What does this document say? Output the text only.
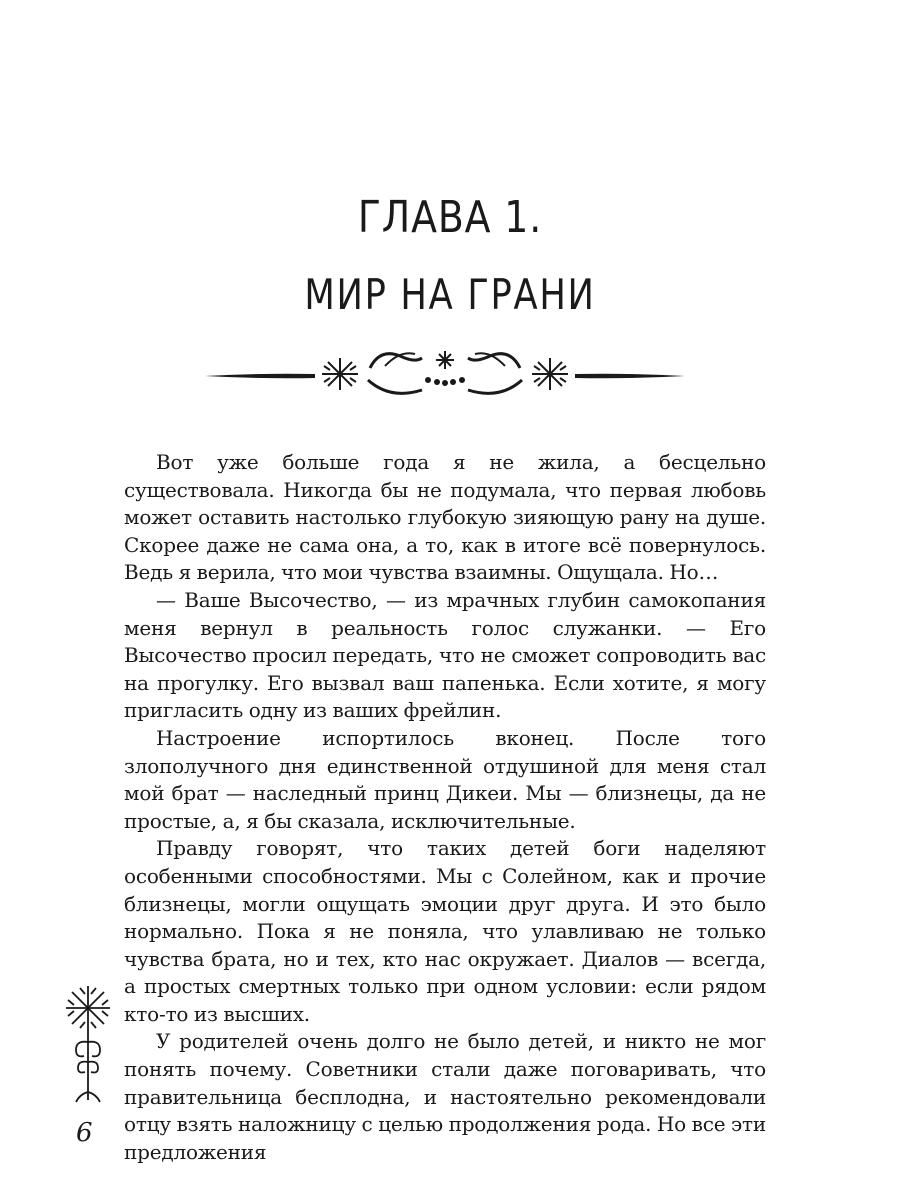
ГЛАВА 1.
МИР НА ГРАНИ

Вот уже больше года я не жила, а бесцельно существовала. Никогда бы не подумала, что первая любовь может оставить настолько глубокую зияющую рану на душе. Скорее даже не сама она, а то, как в итоге всё повернулось. Ведь я верила, что мои чувства взаимны. Ощущала. Но…

— Ваше Высочество, — из мрачных глубин самокопания меня вернул в реальность голос служанки. — Его Высочество просил передать, что не сможет сопроводить вас на прогулку. Его вызвал ваш папенька. Если хотите, я могу пригласить одну из ваших фрейлин.

Настроение испортилось вконец. После того злополучного дня единственной отдушиной для меня стал мой брат — наследный принц Дикеи. Мы — близнецы, да не простые, а, я бы сказала, исключительные.

Правду говорят, что таких детей боги наделяют особенными способностями. Мы с Солейном, как и прочие близнецы, могли ощущать эмоции друг друга. И это было нормально. Пока я не поняла, что улавливаю не только чувства брата, но и тех, кто нас окружает. Диалов — всегда, а простых смертных только при одном условии: если рядом кто-то из высших.

У родителей очень долго не было детей, и никто не мог понять почему. Советники стали даже поговаривать, что правительница бесплодна, и настоятельно рекомендовали отцу взять наложницу с целью продолжения рода. Но все эти предложения

6
